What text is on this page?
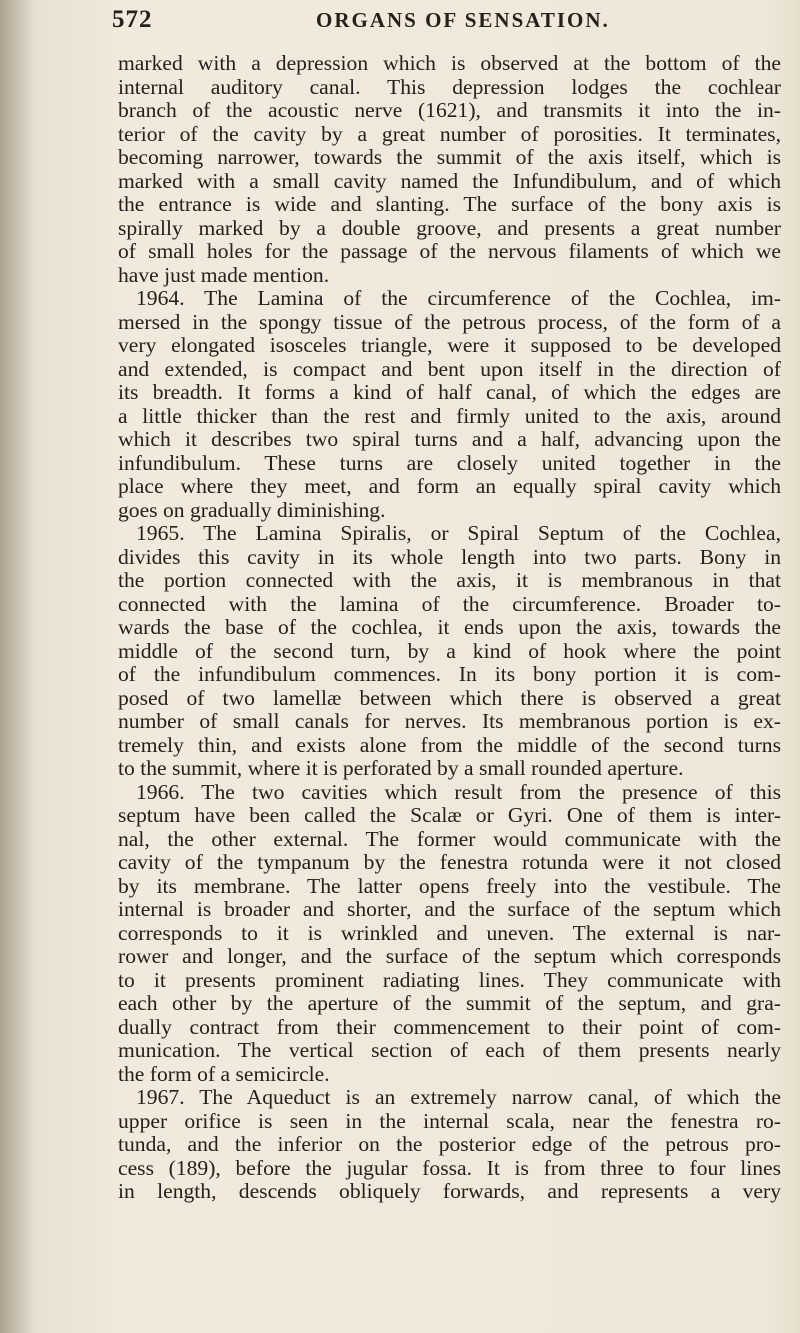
572	ORGANS OF SENSATION.
marked with a depression which is observed at the bottom of the
internal auditory canal. This depression lodges the cochlear
branch of the acoustic nerve (1621), and transmits it into the in-
terior of the cavity by a great number of porosities. It terminates,
becoming narrower, towards the summit of the axis itself, which is
marked with a small cavity named the Infundibulum, and of which
the entrance is wide and slanting. The surface of the bony axis is
spirally marked by a double groove, and presents a great number
of small holes for the passage of the nervous filaments of which we
have just made mention.
1964. The Lamina of the circumference of the Cochlea, im-
mersed in the spongy tissue of the petrous process, of the form of a
very elongated isosceles triangle, were it supposed to be developed
and extended, is compact and bent upon itself in the direction of
its breadth. It forms a kind of half canal, of which the edges are
a little thicker than the rest and firmly united to the axis, around
which it describes two spiral turns and a half, advancing upon the
infundibulum. These turns are closely united together in the
place where they meet, and form an equally spiral cavity which
goes on gradually diminishing.
1965. The Lamina Spiralis, or Spiral Septum of the Cochlea,
divides this cavity in its whole length into two parts. Bony in
the portion connected with the axis, it is membranous in that
connected with the lamina of the circumference. Broader to-
wards the base of the cochlea, it ends upon the axis, towards the
middle of the second turn, by a kind of hook where the point
of the infundibulum commences. In its bony portion it is com-
posed of two lamellæ between which there is observed a great
number of small canals for nerves. Its membranous portion is ex-
tremely thin, and exists alone from the middle of the second turns
to the summit, where it is perforated by a small rounded aperture.
1966. The two cavities which result from the presence of this
septum have been called the Scalæ or Gyri. One of them is inter-
nal, the other external. The former would communicate with the
cavity of the tympanum by the fenestra rotunda were it not closed
by its membrane. The latter opens freely into the vestibule. The
internal is broader and shorter, and the surface of the septum which
corresponds to it is wrinkled and uneven. The external is nar-
rower and longer, and the surface of the septum which corresponds
to it presents prominent radiating lines. They communicate with
each other by the aperture of the summit of the septum, and gra-
dually contract from their commencement to their point of com-
munication. The vertical section of each of them presents nearly
the form of a semicircle.
1967. The Aqueduct is an extremely narrow canal, of which the
upper orifice is seen in the internal scala, near the fenestra ro-
tunda, and the inferior on the posterior edge of the petrous pro-
cess (189), before the jugular fossa. It is from three to four lines
in length, descends obliquely forwards, and represents a very
